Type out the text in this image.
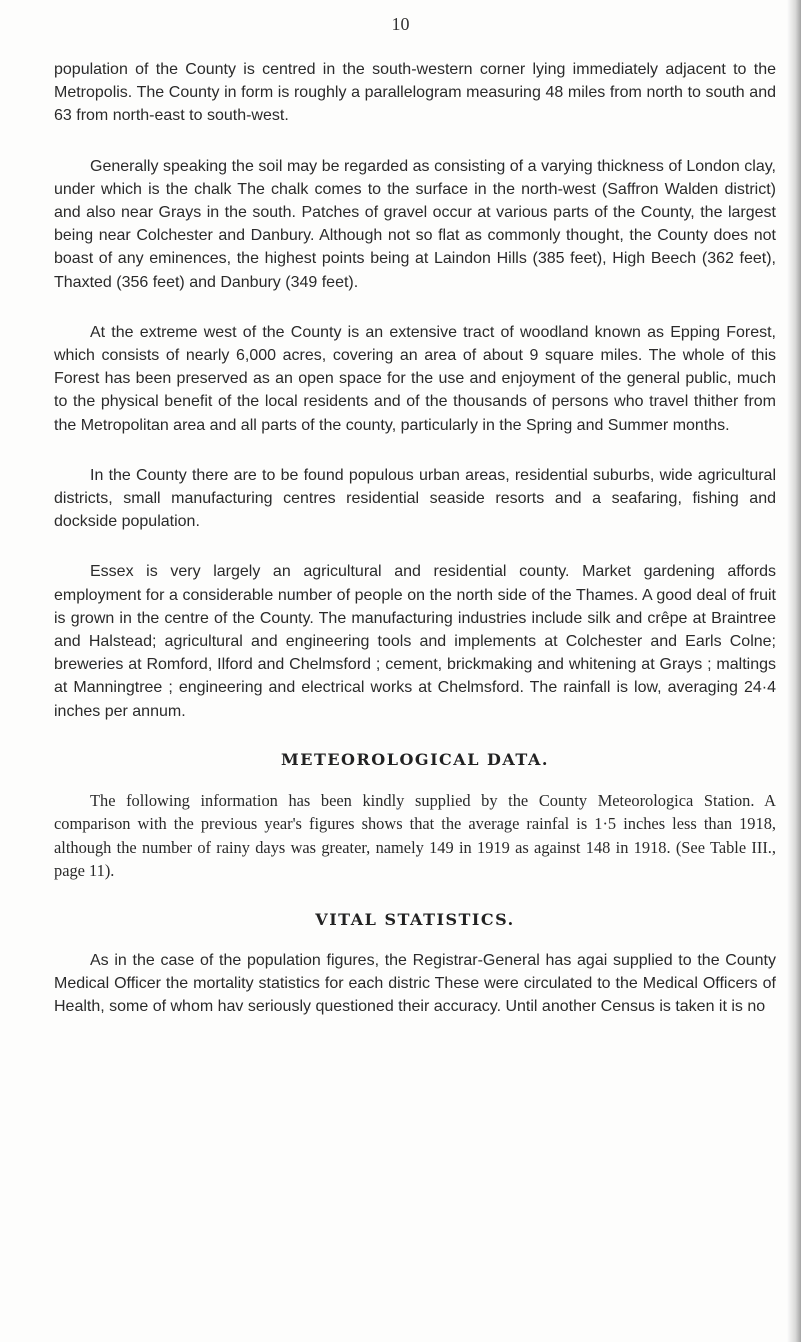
10

population of the County is centred in the south-western corner lying immediately adjacent to the Metropolis. The County in form is roughly a parallelogram measuring 48 miles from north to south and 63 from north-east to south-west.

Generally speaking the soil may be regarded as consisting of a varying thickness of London clay, under which is the chalk The chalk comes to the surface in the north-west (Saffron Walden district) and also near Grays in the south. Patches of gravel occur at various parts of the County, the largest being near Colchester and Danbury. Although not so flat as commonly thought, the County does not boast of any eminences, the highest points being at Laindon Hills (385 feet), High Beech (362 feet), Thaxted (356 feet) and Danbury (349 feet).

At the extreme west of the County is an extensive tract of woodland known as Epping Forest, which consists of nearly 6,000 acres, covering an area of about 9 square miles. The whole of this Forest has been preserved as an open space for the use and enjoyment of the general public, much to the physical benefit of the local residents and of the thousands of persons who travel thither from the Metropolitan area and all parts of the county, particularly in the Spring and Summer months.

In the County there are to be found populous urban areas, residential suburbs, wide agricultural districts, small manufacturing centres residential seaside resorts and a seafaring, fishing and dockside population.

Essex is very largely an agricultural and residential county. Market gardening affords employment for a considerable number of people on the north side of the Thames. A good deal of fruit is grown in the centre of the County. The manufacturing industries include silk and crêpe at Braintree and Halstead; agricultural and engineering tools and implements at Colchester and Earls Colne; breweries at Romford, Ilford and Chelmsford ; cement, brickmaking and whitening at Grays ; maltings at Manningtree ; engineering and electrical works at Chelmsford. The rainfall is low, averaging 24·4 inches per annum.

METEOROLOGICAL DATA.

The following information has been kindly supplied by the County Meteorologica Station. A comparison with the previous year's figures shows that the average rainfal is 1·5 inches less than 1918, although the number of rainy days was greater, namely 149 in 1919 as against 148 in 1918. (See Table III., page 11).

VITAL STATISTICS.

As in the case of the population figures, the Registrar-General has agai supplied to the County Medical Officer the mortality statistics for each distric These were circulated to the Medical Officers of Health, some of whom hav seriously questioned their accuracy. Until another Census is taken it is no
